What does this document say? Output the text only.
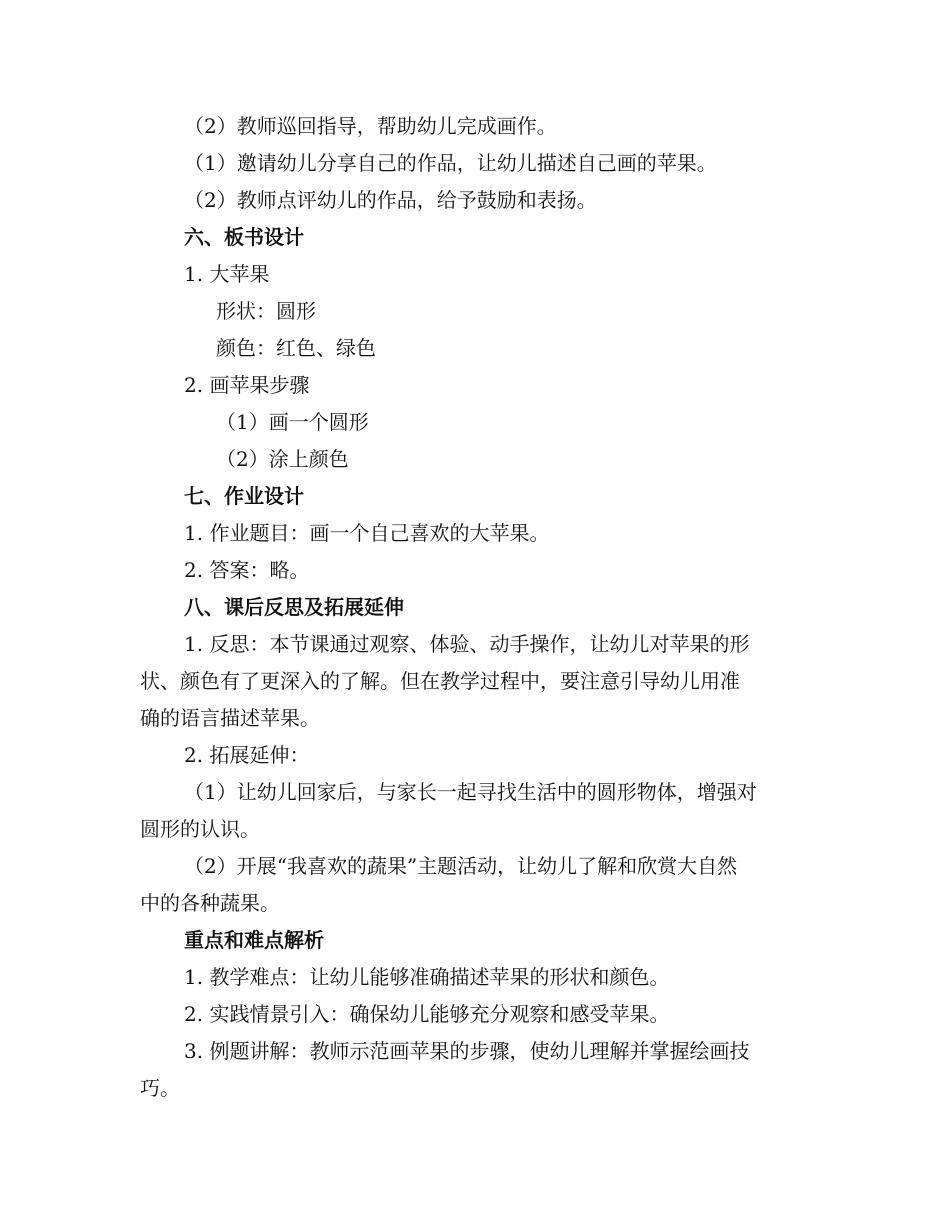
（2）教师巡回指导，帮助幼儿完成画作。
（1）邀请幼儿分享自己的作品，让幼儿描述自己画的苹果。
（2）教师点评幼儿的作品，给予鼓励和表扬。
六、板书设计
1. 大苹果
形状：圆形
颜色：红色、绿色
2. 画苹果步骤
（1）画一个圆形
（2）涂上颜色
七、作业设计
1. 作业题目：画一个自己喜欢的大苹果。
2. 答案：略。
八、课后反思及拓展延伸
1. 反思：本节课通过观察、体验、动手操作，让幼儿对苹果的形
状、颜色有了更深入的了解。但在教学过程中，要注意引导幼儿用准
确的语言描述苹果。
2. 拓展延伸：
（1）让幼儿回家后，与家长一起寻找生活中的圆形物体，增强对
圆形的认识。
（2）开展“我喜欢的蔬果”主题活动，让幼儿了解和欣赏大自然
中的各种蔬果。
重点和难点解析
1. 教学难点：让幼儿能够准确描述苹果的形状和颜色。
2. 实践情景引入：确保幼儿能够充分观察和感受苹果。
3. 例题讲解：教师示范画苹果的步骤，使幼儿理解并掌握绘画技
巧。
